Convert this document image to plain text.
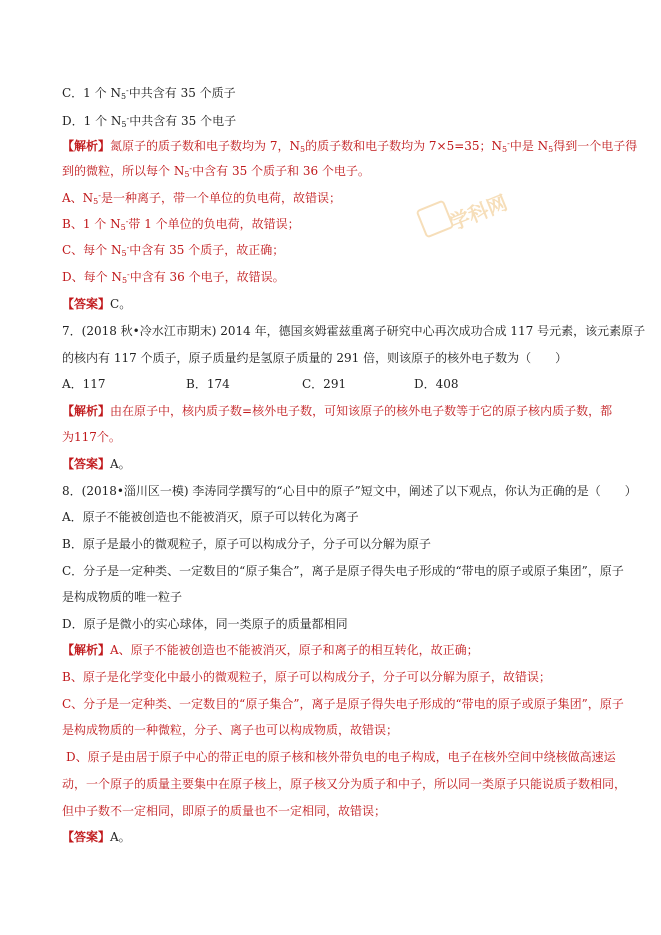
学科网
C．1 个 $N_5^-$中共含有 35 个质子
D．1 个 $N_5^-$中共含有 35 个电子
【解析】氮原子的质子数和电子数均为 7，$N_5$的质子数和电子数均为 7×5=35；$N_5^-$中是 $N_5$得到一个电子得
到的微粒，所以每个 $N_5^-$中含有 35 个质子和 36 个电子。
A、$N_5^-$是一种离子，带一个单位的负电荷，故错误；
B、1 个 $N_5^-$带 1 个单位的负电荷，故错误；
C、每个 $N_5^-$中含有 35 个质子，故正确；
D、每个 $N_5^-$中含有 36 个电子，故错误。
【答案】C。
7．(2018 秋•冷水江市期末) 2014 年，德国亥姆霍兹重离子研究中心再次成功合成 117 号元素，该元素原子
的核内有 117 个质子，原子质量约是氢原子质量的 291 倍，则该原子的核外电子数为（　　）
A．117	B．174	C．291	D．408
【解析】由在原子中，核内质子数=核外电子数，可知该原子的核外电子数等于它的原子核内质子数，都
为117个。
【答案】A。
8．(2018•淄川区一模) 李涛同学撰写的“心目中的原子”短文中，阐述了以下观点，你认为正确的是（　　）
A．原子不能被创造也不能被消灭，原子可以转化为离子
B．原子是最小的微观粒子，原子可以构成分子，分子可以分解为原子
C．分子是一定种类、一定数目的“原子集合”，离子是原子得失电子形成的“带电的原子或原子集团”，原子
是构成物质的唯一粒子
D．原子是微小的实心球体，同一类原子的质量都相同
【解析】A、原子不能被创造也不能被消灭，原子和离子的相互转化，故正确；
B、原子是化学变化中最小的微观粒子，原子可以构成分子，分子可以分解为原子，故错误；
C、分子是一定种类、一定数目的“原子集合”，离子是原子得失电子形成的“带电的原子或原子集团”，原子
是构成物质的一种微粒，分子、离子也可以构成物质，故错误；
D、原子是由居于原子中心的带正电的原子核和核外带负电的电子构成，电子在核外空间中绕核做高速运
动，一个原子的质量主要集中在原子核上，原子核又分为质子和中子，所以同一类原子只能说质子数相同，
但中子数不一定相同，即原子的质量也不一定相同，故错误；
【答案】A。
